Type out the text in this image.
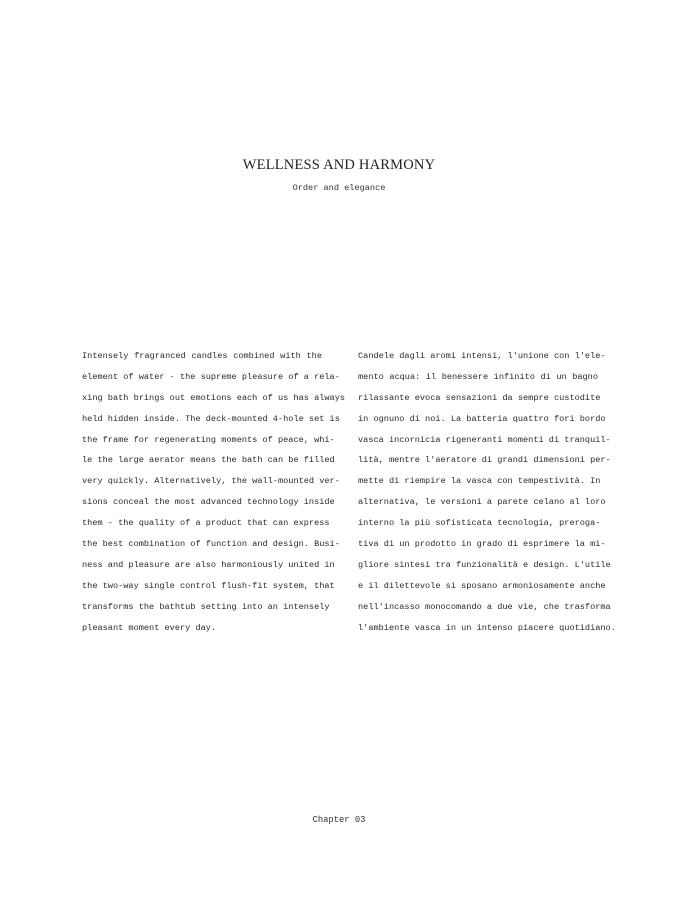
WELLNESS AND HARMONY
Order and elegance
Intensely fragranced candles combined with the
element of water - the supreme pleasure of a rela-
xing bath brings out emotions each of us has always
held hidden inside. The deck-mounted 4-hole set is
the frame for regenerating moments of peace, whi-
le the large aerator means the bath can be filled
very quickly. Alternatively, the wall-mounted ver-
sions conceal the most advanced technology inside
them - the quality of a product that can express
the best combination of function and design. Busi-
ness and pleasure are also harmoniously united in
the two-way single control flush-fit system, that
transforms the bathtub setting into an intensely
pleasant moment every day.
Candele dagli aromi intensi, l'unione con l'ele-
mento acqua: il benessere infinito di un bagno
rilassante evoca sensazioni da sempre custodite
in ognuno di noi. La batteria quattro fori bordo
vasca incornicia rigeneranti momenti di tranquil-
lità, mentre l'aeratore di grandi dimensioni per-
mette di riempire la vasca con tempestività. In
alternativa, le versioni a parete celano al loro
interno la più sofisticata tecnologia, preroga-
tiva di un prodotto in grado di esprimere la mi-
gliore sintesi tra funzionalità e design. L'utile
e il dilettevole si sposano armoniosamente anche
nell'incasso monocomando a due vie, che trasforma
l'ambiente vasca in un intenso piacere quotidiano.
Chapter 03
